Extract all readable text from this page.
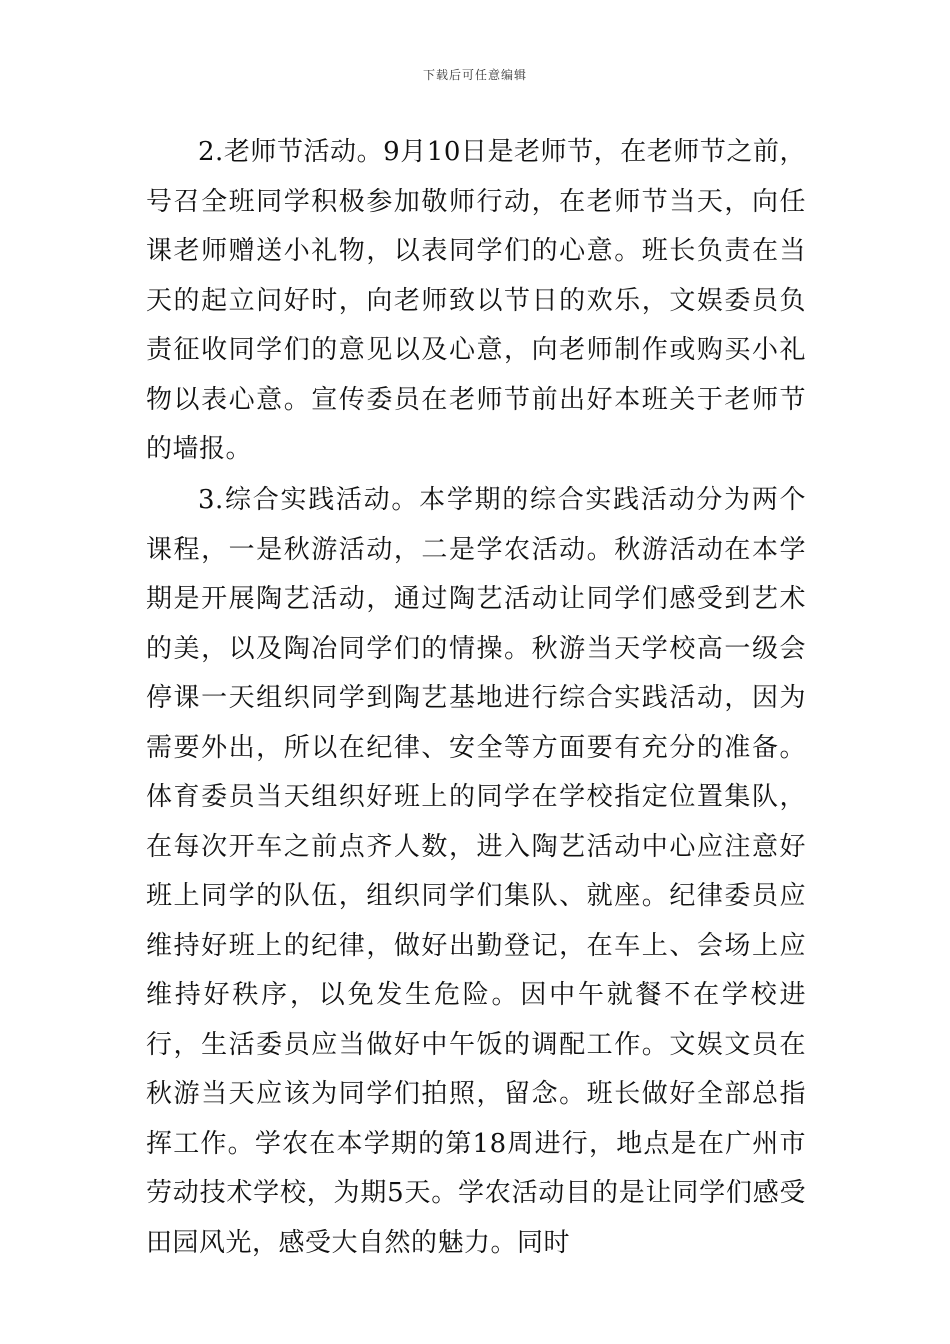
下载后可任意编辑

2.老师节活动。9月10日是老师节，在老师节之前，号召全班同学积极参加敬师行动，在老师节当天，向任课老师赠送小礼物，以表同学们的心意。班长负责在当天的起立问好时，向老师致以节日的欢乐，文娱委员负责征收同学们的意见以及心意，向老师制作或购买小礼物以表心意。宣传委员在老师节前出好本班关于老师节的墙报。

3.综合实践活动。本学期的综合实践活动分为两个课程，一是秋游活动，二是学农活动。秋游活动在本学期是开展陶艺活动，通过陶艺活动让同学们感受到艺术的美，以及陶冶同学们的情操。秋游当天学校高一级会停课一天组织同学到陶艺基地进行综合实践活动，因为需要外出，所以在纪律、安全等方面要有充分的准备。体育委员当天组织好班上的同学在学校指定位置集队，在每次开车之前点齐人数，进入陶艺活动中心应注意好班上同学的队伍，组织同学们集队、就座。纪律委员应维持好班上的纪律，做好出勤登记，在车上、会场上应维持好秩序，以免发生危险。因中午就餐不在学校进行，生活委员应当做好中午饭的调配工作。文娱文员在秋游当天应该为同学们拍照，留念。班长做好全部总指挥工作。学农在本学期的第18周进行，地点是在广州市劳动技术学校，为期5天。学农活动目的是让同学们感受田园风光，感受大自然的魅力。同时
